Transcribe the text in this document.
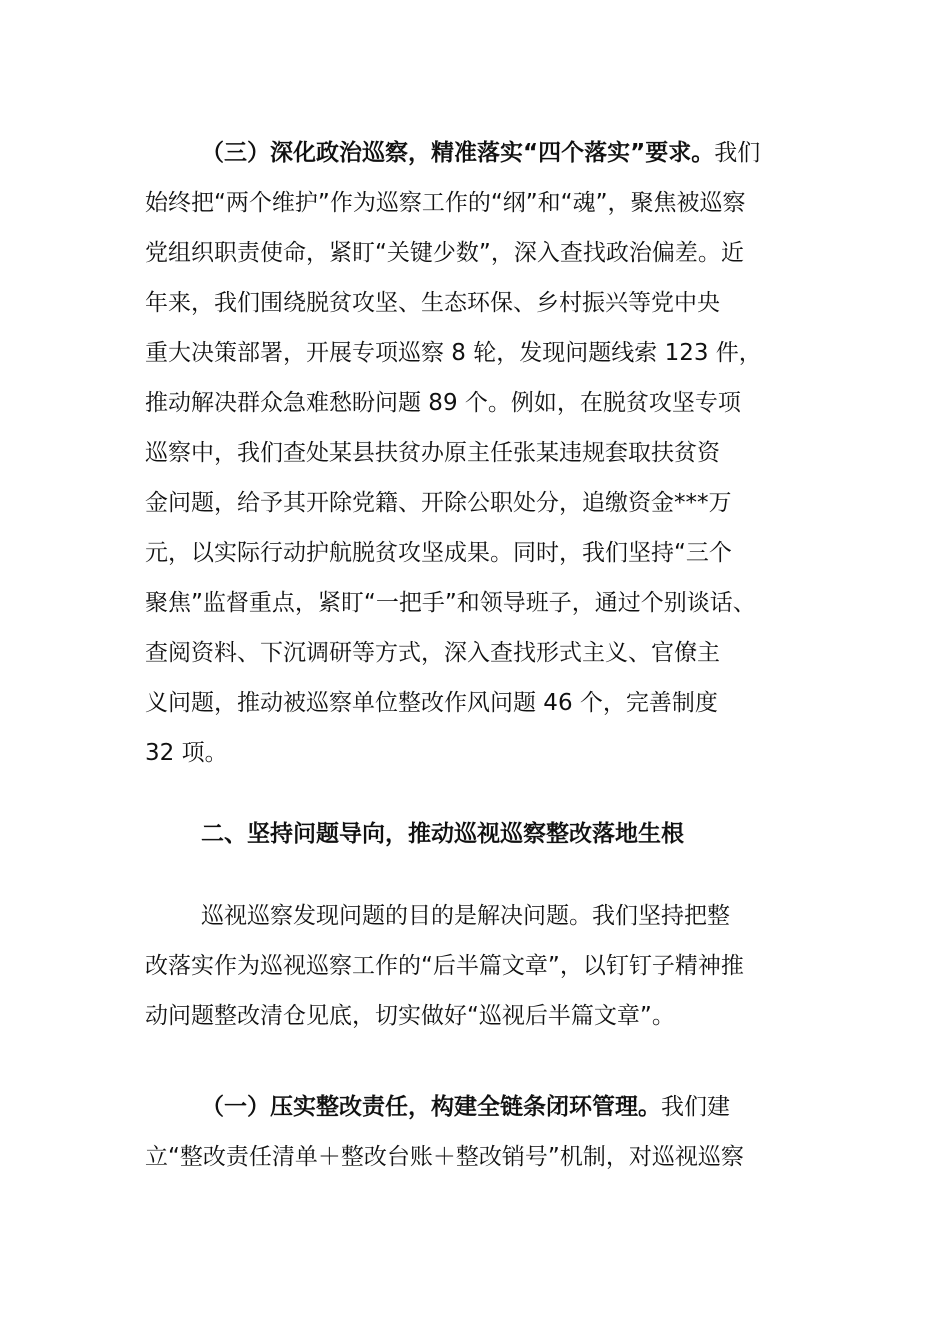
（三）深化政治巡察，精准落实“四个落实”要求。我们
始终把“两个维护”作为巡察工作的“纲”和“魂”，聚焦被巡察
党组织职责使命，紧盯“关键少数”，深入查找政治偏差。近
年来，我们围绕脱贫攻坚、生态环保、乡村振兴等党中央
重大决策部署，开展专项巡察 8 轮，发现问题线索 123 件，
推动解决群众急难愁盼问题 89 个。例如，在脱贫攻坚专项
巡察中，我们查处某县扶贫办原主任张某违规套取扶贫资
金问题，给予其开除党籍、开除公职处分，追缴资金***万
元，以实际行动护航脱贫攻坚成果。同时，我们坚持“三个
聚焦”监督重点，紧盯“一把手”和领导班子，通过个别谈话、
查阅资料、下沉调研等方式，深入查找形式主义、官僚主
义问题，推动被巡察单位整改作风问题 46 个，完善制度
32 项。
二、坚持问题导向，推动巡视巡察整改落地生根
巡视巡察发现问题的目的是解决问题。我们坚持把整
改落实作为巡视巡察工作的“后半篇文章”，以钉钉子精神推
动问题整改清仓见底，切实做好“巡视后半篇文章”。
（一）压实整改责任，构建全链条闭环管理。我们建
立“整改责任清单＋整改台账＋整改销号”机制，对巡视巡察
